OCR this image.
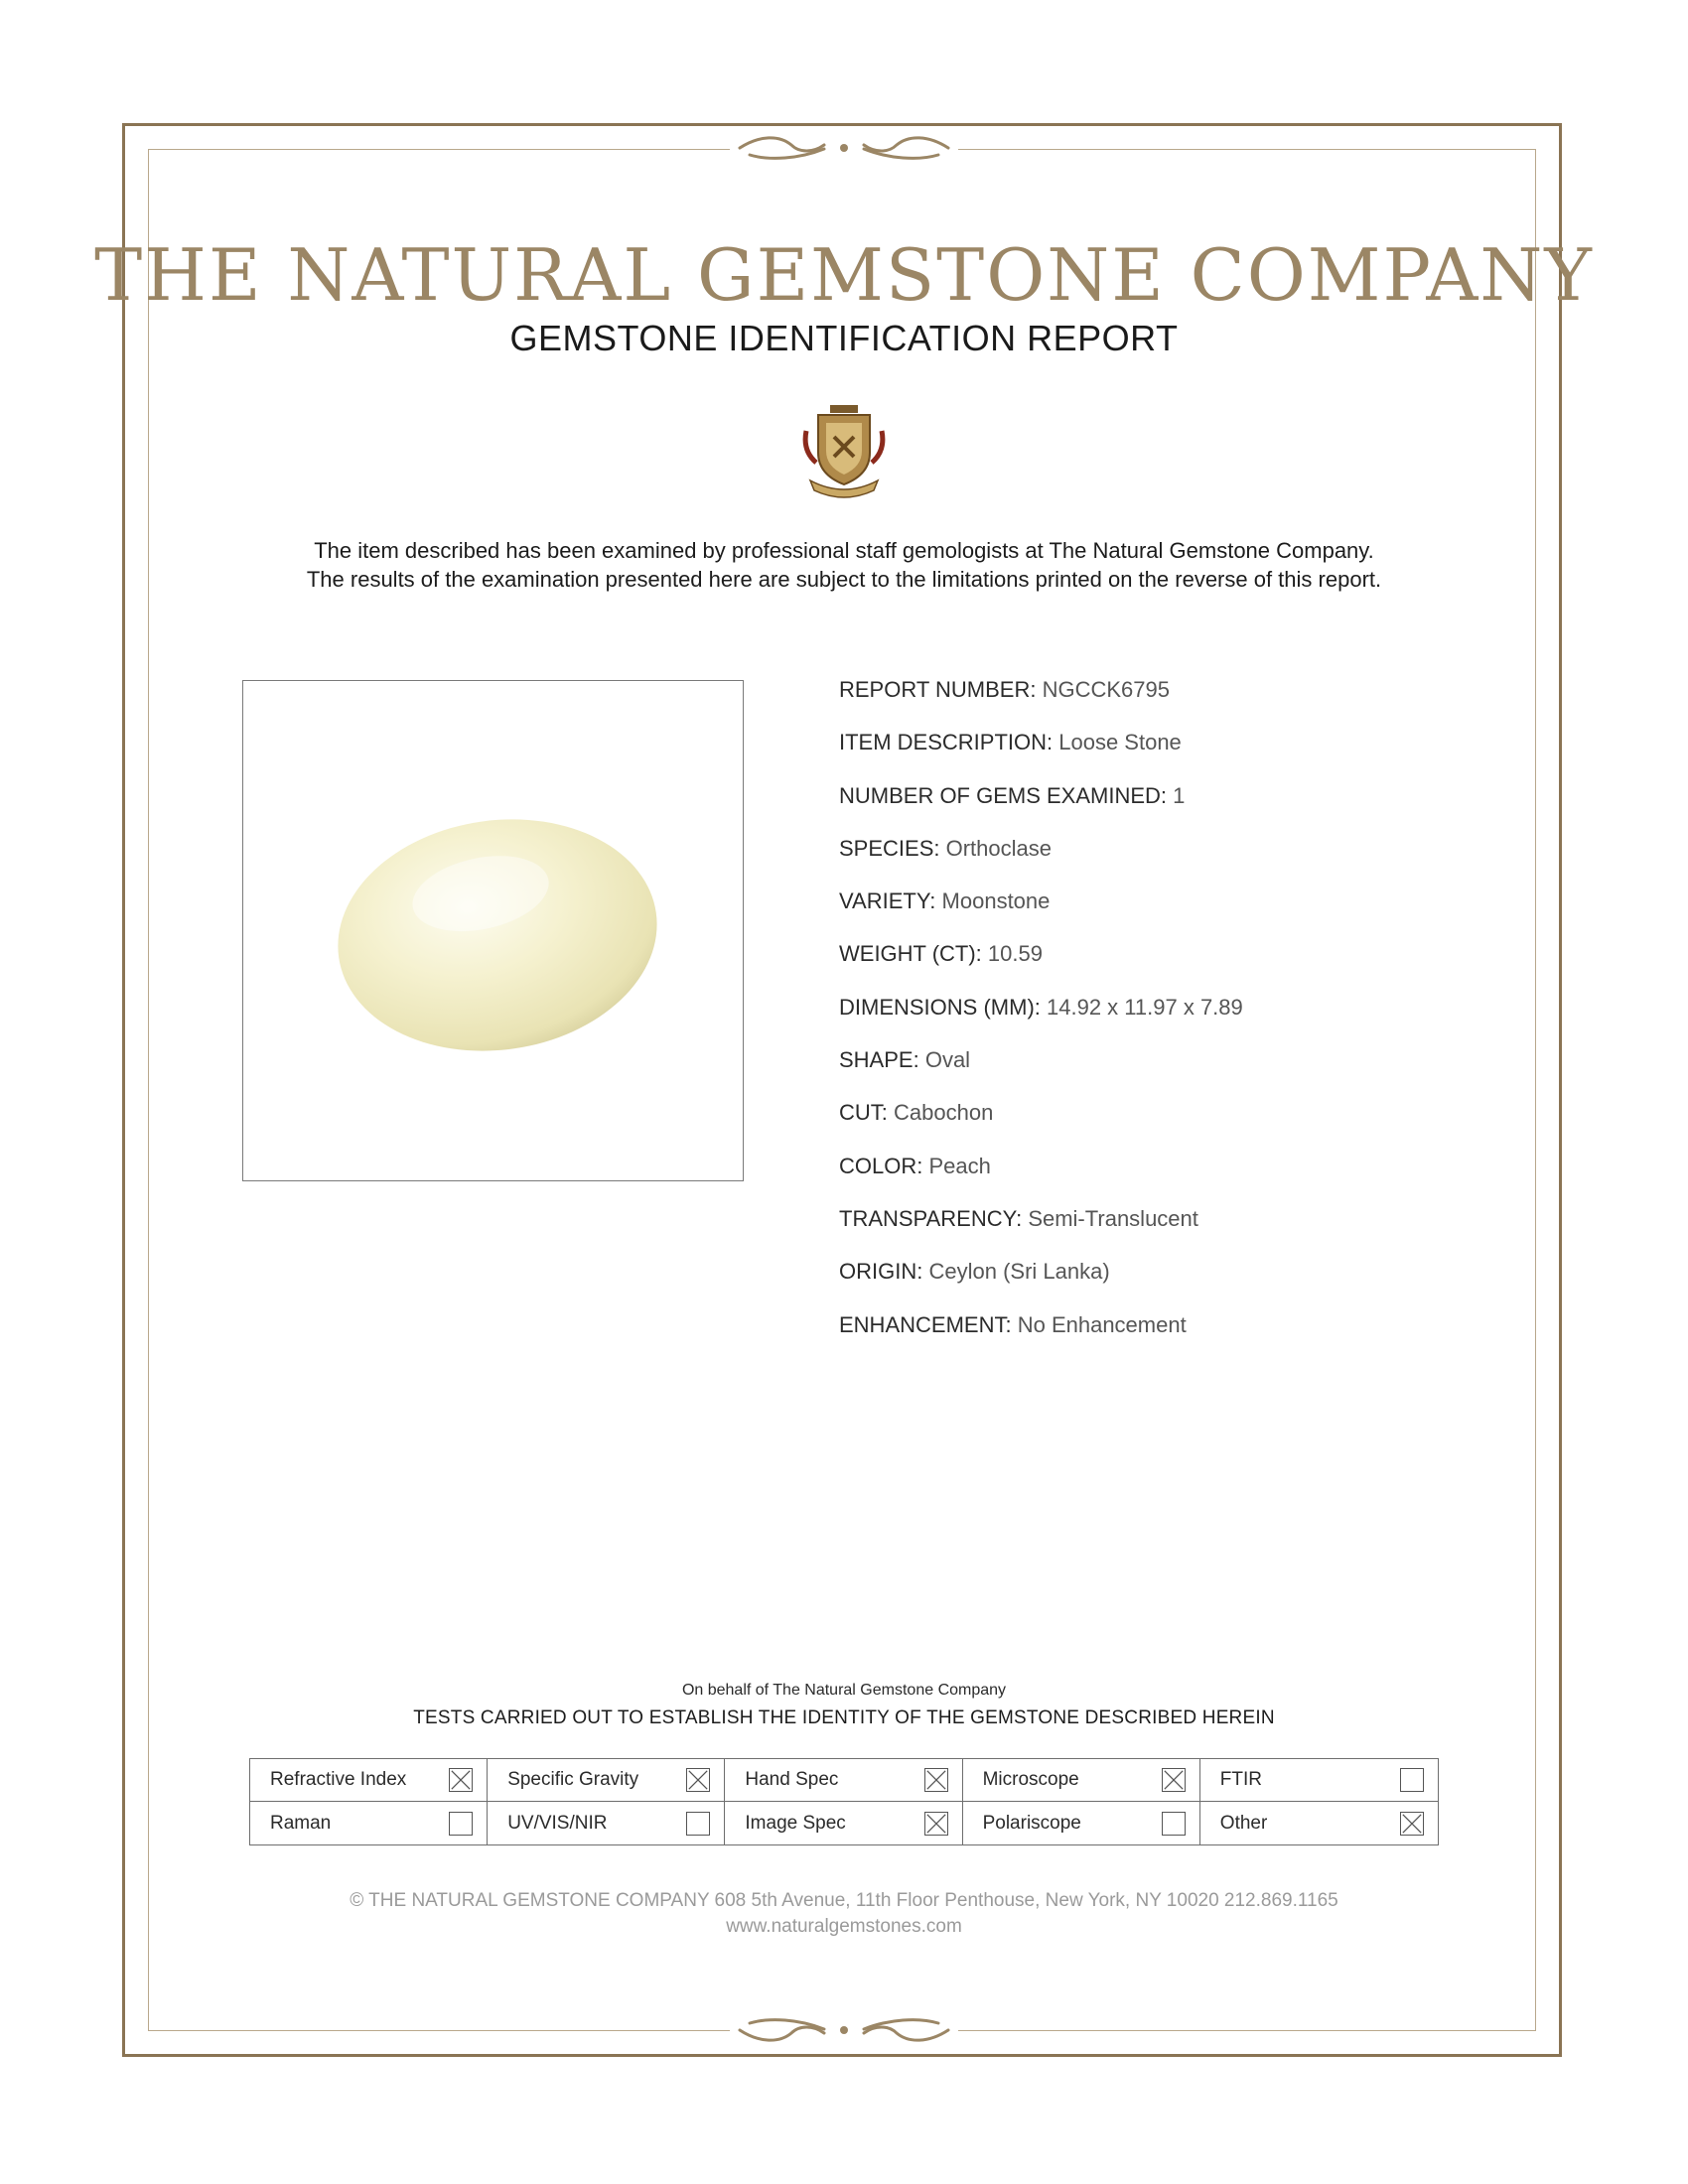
THE NATURAL GEMSTONE COMPANY
GEMSTONE IDENTIFICATION REPORT
The item described has been examined by professional staff gemologists at The Natural Gemstone Company.
The results of the examination presented here are subject to the limitations printed on the reverse of this report.
REPORT NUMBER: NGCCK6795
ITEM DESCRIPTION: Loose Stone
NUMBER OF GEMS EXAMINED: 1
SPECIES: Orthoclase
VARIETY: Moonstone
WEIGHT (CT): 10.59
DIMENSIONS (MM): 14.92 x 11.97 x 7.89
SHAPE: Oval
CUT: Cabochon
COLOR: Peach
TRANSPARENCY: Semi-Translucent
ORIGIN: Ceylon (Sri Lanka)
ENHANCEMENT: No Enhancement
On behalf of The Natural Gemstone Company
TESTS CARRIED OUT TO ESTABLISH THE IDENTITY OF THE GEMSTONE DESCRIBED HEREIN
Refractive Index	Specific Gravity	Hand Spec	Microscope	FTIR
Raman	UV/VIS/NIR	Image Spec	Polariscope	Other
© THE NATURAL GEMSTONE COMPANY 608 5th Avenue, 11th Floor Penthouse, New York, NY 10020 212.869.1165
www.naturalgemstones.com
